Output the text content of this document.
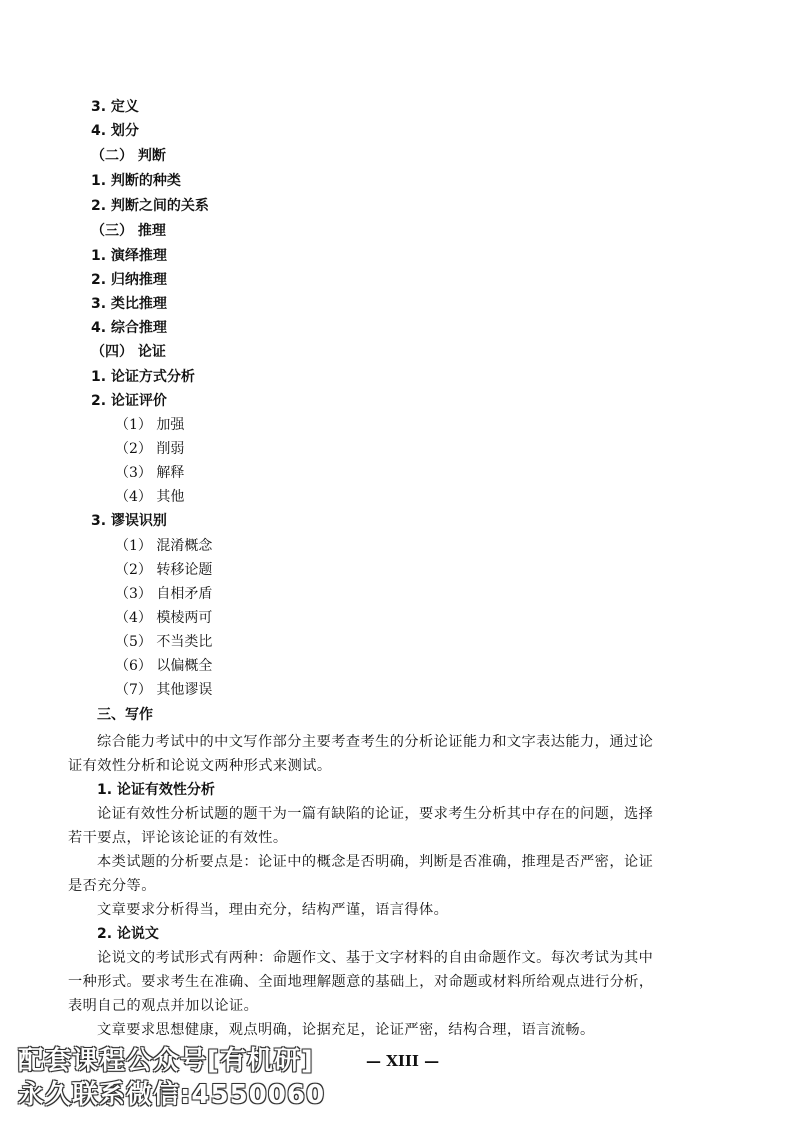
3. 定义
4. 划分
（二） 判断
1. 判断的种类
2. 判断之间的关系
（三） 推理
1. 演绎推理
2. 归纳推理
3. 类比推理
4. 综合推理
（四） 论证
1. 论证方式分析
2. 论证评价
（1） 加强
（2） 削弱
（3） 解释
（4） 其他
3. 谬误识别
（1） 混淆概念
（2） 转移论题
（3） 自相矛盾
（4） 模棱两可
（5） 不当类比
（6） 以偏概全
（7） 其他谬误
三、写作
综合能力考试中的中文写作部分主要考查考生的分析论证能力和文字表达能力，通过论
证有效性分析和论说文两种形式来测试。
1. 论证有效性分析
论证有效性分析试题的题干为一篇有缺陷的论证，要求考生分析其中存在的问题，选择
若干要点，评论该论证的有效性。
本类试题的分析要点是：论证中的概念是否明确，判断是否准确，推理是否严密，论证
是否充分等。
文章要求分析得当，理由充分，结构严谨，语言得体。
2. 论说文
论说文的考试形式有两种：命题作文、基于文字材料的自由命题作文。每次考试为其中
一种形式。要求考生在准确、全面地理解题意的基础上，对命题或材料所给观点进行分析，
表明自己的观点并加以论证。
文章要求思想健康，观点明确，论据充足，论证严密，结构合理，语言流畅。
— XIII —
配套课程公众号[有机研]
永久联系微信:4550060
